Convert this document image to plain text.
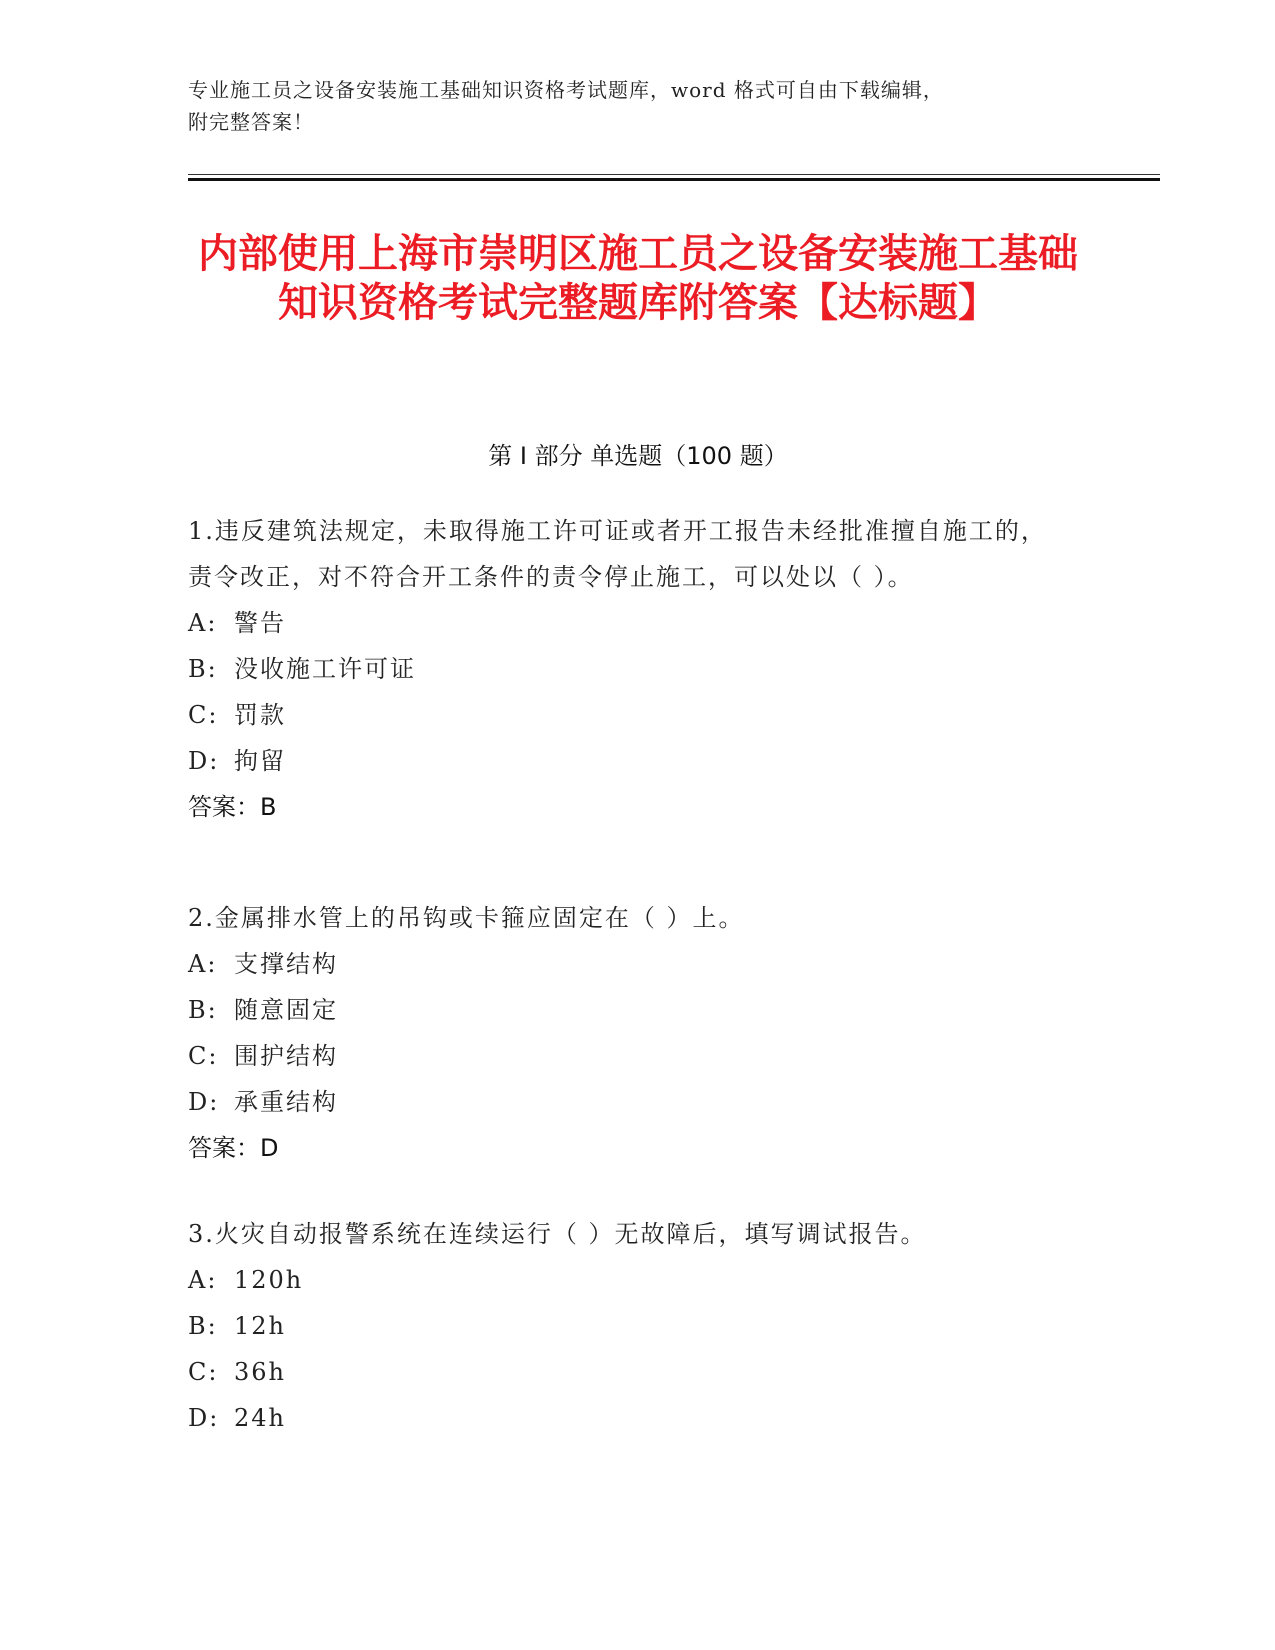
专业施工员之设备安装施工基础知识资格考试题库，word 格式可自由下载编辑，
附完整答案！
内部使用上海市崇明区施工员之设备安装施工基础知识资格考试完整题库附答案【达标题】
第 I 部分 单选题（100 题）
1.违反建筑法规定，未取得施工许可证或者开工报告未经批准擅自施工的，责令改正，对不符合开工条件的责令停止施工，可以处以（ ）。
A: 警告
B: 没收施工许可证
C: 罚款
D: 拘留
答案：B
2.金属排水管上的吊钩或卡箍应固定在（ ）上。
A: 支撑结构
B: 随意固定
C: 围护结构
D: 承重结构
答案：D
3.火灾自动报警系统在连续运行（ ）无故障后，填写调试报告。
A: 120h
B: 12h
C: 36h
D: 24h
